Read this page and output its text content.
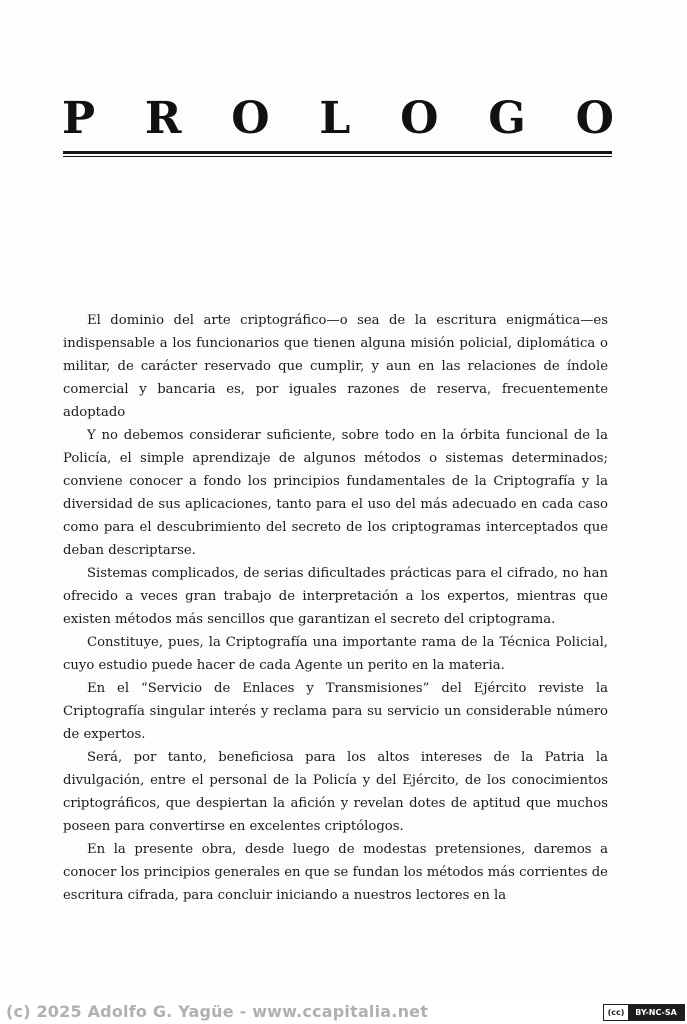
P R O L O G O

El dominio del arte criptográfico—o sea de la escritura enigmática—es indispensable a los funcionarios que tienen alguna misión policial, diplomática o militar, de carácter reservado que cumplir, y aun en las relaciones de índole comercial y bancaria es, por iguales razones de reserva, frecuentemente adoptado

Y no debemos considerar suficiente, sobre todo en la órbita funcional de la Policía, el simple aprendizaje de algunos métodos o sistemas determinados; conviene conocer a fondo los principios fundamentales de la Criptografía y la diversidad de sus aplicaciones, tanto para el uso del más adecuado en cada caso como para el descubrimiento del secreto de los criptogramas interceptados que deban descriptarse.

Sistemas complicados, de serias dificultades prácticas para el cifrado, no han ofrecido a veces gran trabajo de interpretación a los expertos, mientras que existen métodos más sencillos que garantizan el secreto del criptograma.

Constituye, pues, la Criptografía una importante rama de la Técnica Policial, cuyo estudio puede hacer de cada Agente un perito en la materia.

En el “Servicio de Enlaces y Transmisiones” del Ejército reviste la Criptografía singular interés y reclama para su servicio un considerable número de expertos.

Será, por tanto, beneficiosa para los altos intereses de la Patria la divulgación, entre el personal de la Policía y del Ejército, de los conocimientos criptográficos, que despiertan la afición y revelan dotes de aptitud que muchos poseen para convertirse en excelentes criptólogos.

En la presente obra, desde luego de modestas pretensiones, daremos a conocer los principios generales en que se fundan los métodos más corrientes de escritura cifrada, para concluir iniciando a nuestros lectores en la

(c) 2025 Adolfo G. Yagüe - www.ccapitalia.net	(cc)	BY-NC-SA
